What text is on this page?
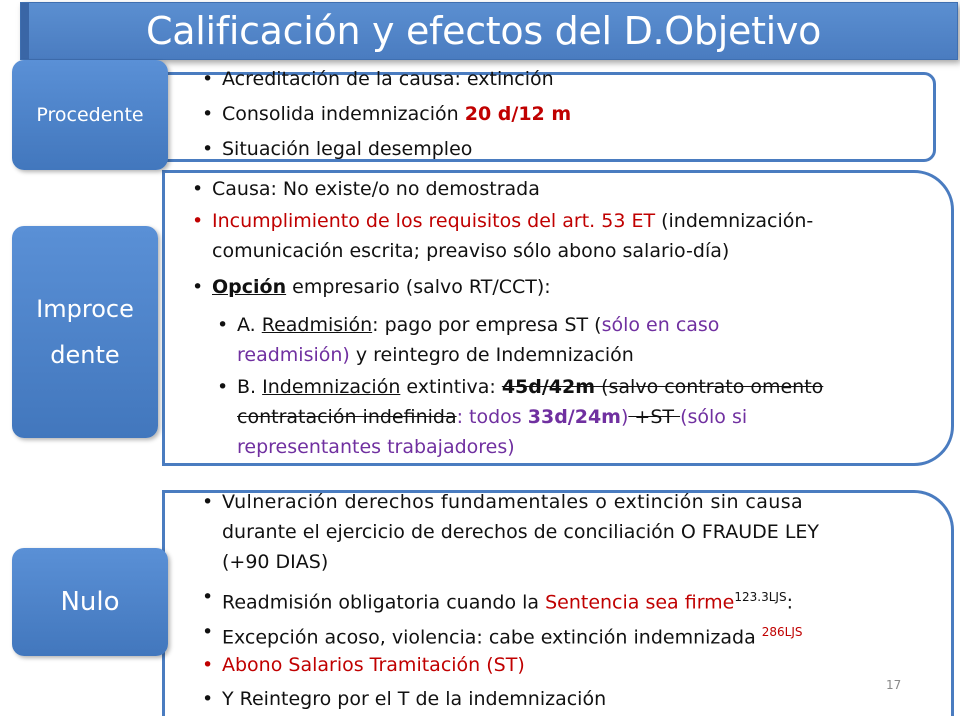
Calificación y efectos del D.Objetivo
Procedente
Improce
dente
Nulo
• Acreditación de la causa: extinción
• Consolida indemnización 20 d/12 m
• Situación legal desempleo
• Causa: No existe/o no demostrada
• Incumplimiento de los requisitos del art. 53 ET (indemnización-
comunicación escrita; preaviso sólo abono salario-día)
• Opción empresario (salvo RT/CCT):
• A. Readmisión: pago por empresa ST (sólo en caso
readmisión) y reintegro de Indemnización
• B. Indemnización extintiva: 45d/42m (salvo contrato omento
contratación indefinida: todos 33d/24m) +ST (sólo si
representantes trabajadores)
• Vulneración derechos fundamentales o extinción sin causa
durante el ejercicio de derechos de conciliación O FRAUDE LEY
(+90 DIAS)
• Readmisión obligatoria cuando la Sentencia sea firme$^{123.3LJS}$:
• Excepción acoso, violencia: cabe extinción indemnizada $^{286LJS}$
• Abono Salarios Tramitación (ST)
• Y Reintegro por el T de la indemnización
17
